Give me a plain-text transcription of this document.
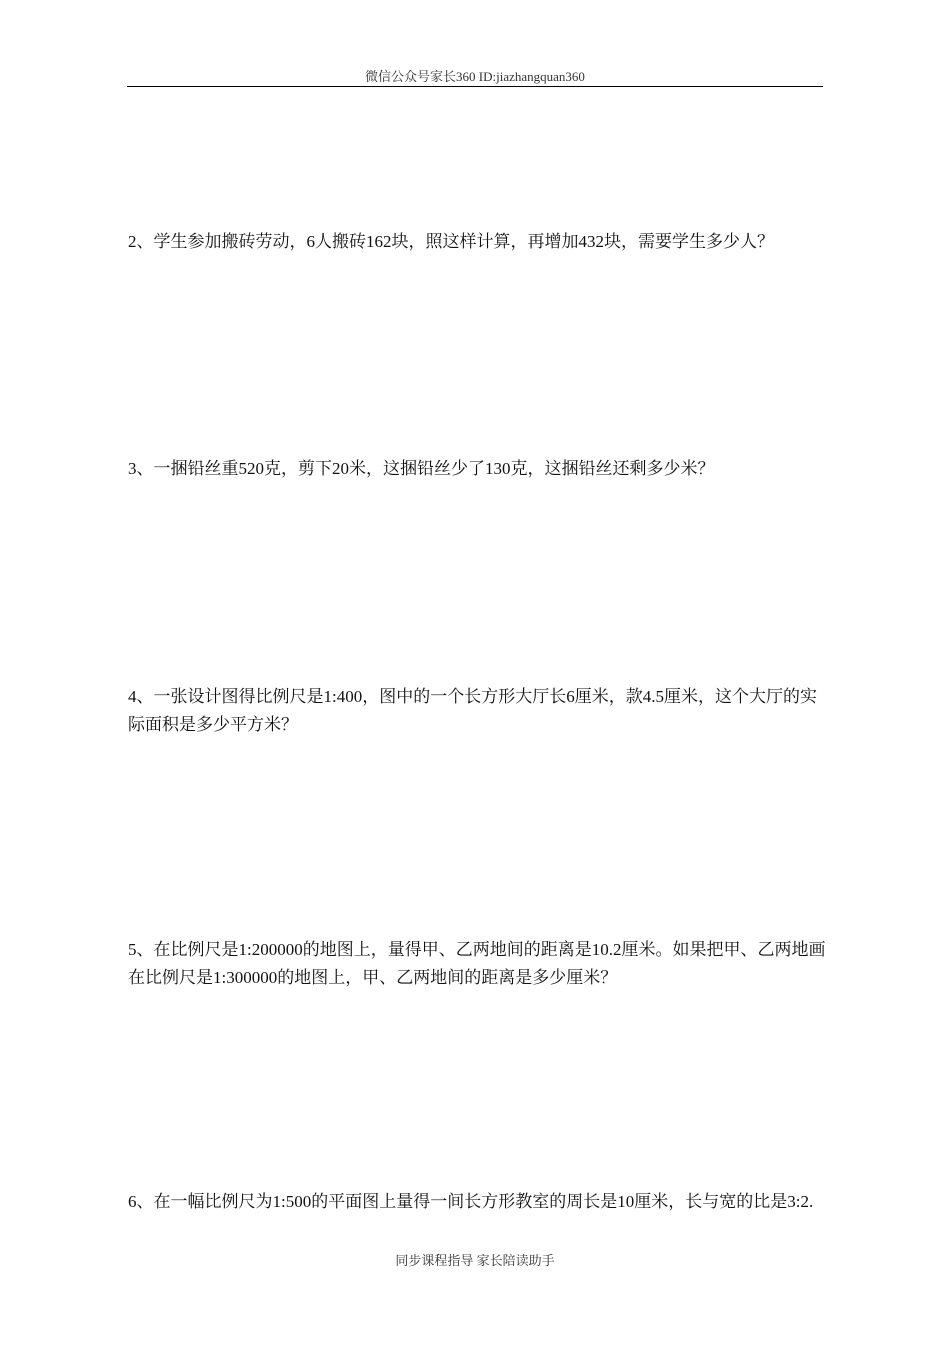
微信公众号家长360 ID:jiazhangquan360

2、学生参加搬砖劳动，6人搬砖162块，照这样计算，再增加432块，需要学生多少人？

3、一捆铅丝重520克，剪下20米，这捆铅丝少了130克，这捆铅丝还剩多少米？

4、一张设计图得比例尺是1:400，图中的一个长方形大厅长6厘米，款4.5厘米，这个大厅的实际面积是多少平方米？

5、在比例尺是1:200000的地图上，量得甲、乙两地间的距离是10.2厘米。如果把甲、乙两地画在比例尺是1:300000的地图上，甲、乙两地间的距离是多少厘米？

6、在一幅比例尺为1:500的平面图上量得一间长方形教室的周长是10厘米，长与宽的比是3:2.

同步课程指导 家长陪读助手
